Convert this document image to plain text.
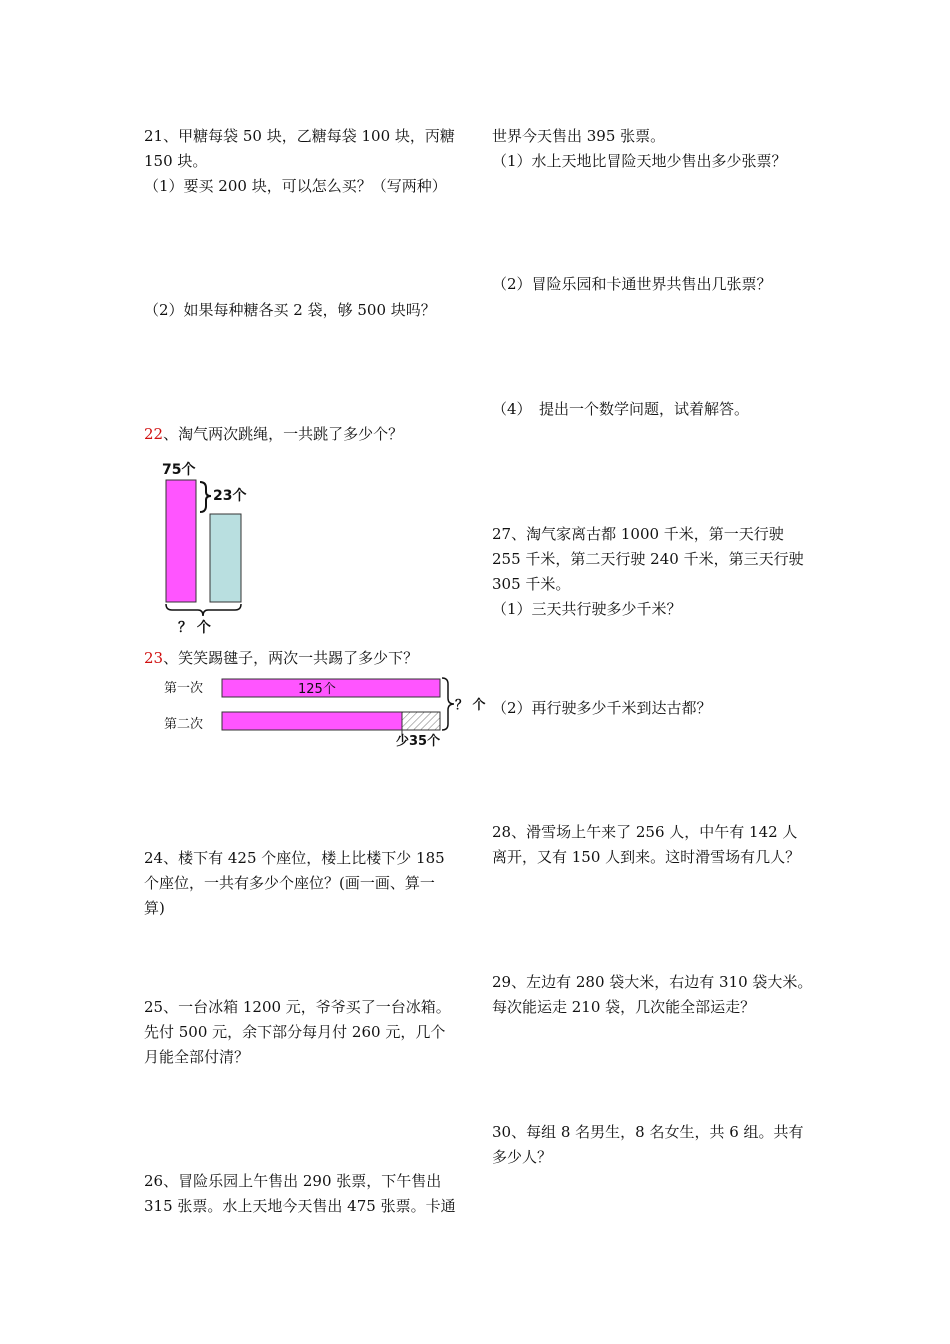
21、甲糖每袋 50 块，乙糖每袋 100 块，丙糖
150 块。
（1）要买 200 块，可以怎么买？（写两种）
（2）如果每种糖各买 2 袋，够 500 块吗？
22、淘气两次跳绳，一共跳了多少个？
75个
23个
？ 个
23、笑笑踢毽子，两次一共踢了多少下？
第一次
第二次
125个
少35个
？ 个
24、楼下有 425 个座位，楼上比楼下少 185
个座位，一共有多少个座位？(画一画、算一
算)
25、一台冰箱 1200 元，爷爷买了一台冰箱。
先付 500 元，余下部分每月付 260 元，几个
月能全部付清？
26、冒险乐园上午售出 290 张票，下午售出
315 张票。水上天地今天售出 475 张票。卡通
世界今天售出 395 张票。
（1）水上天地比冒险天地少售出多少张票？
（2）冒险乐园和卡通世界共售出几张票？
（4）　提出一个数学问题，试着解答。
27、淘气家离古都 1000 千米，第一天行驶
255 千米，第二天行驶 240 千米，第三天行驶
305 千米。
（1）三天共行驶多少千米？
（2）再行驶多少千米到达古都？
28、滑雪场上午来了 256 人，中午有 142 人
离开，又有 150 人到来。这时滑雪场有几人？
29、左边有 280 袋大米，右边有 310 袋大米。
每次能运走 210 袋，几次能全部运走？
30、每组 8 名男生，8 名女生，共 6 组。共有
多少人？
